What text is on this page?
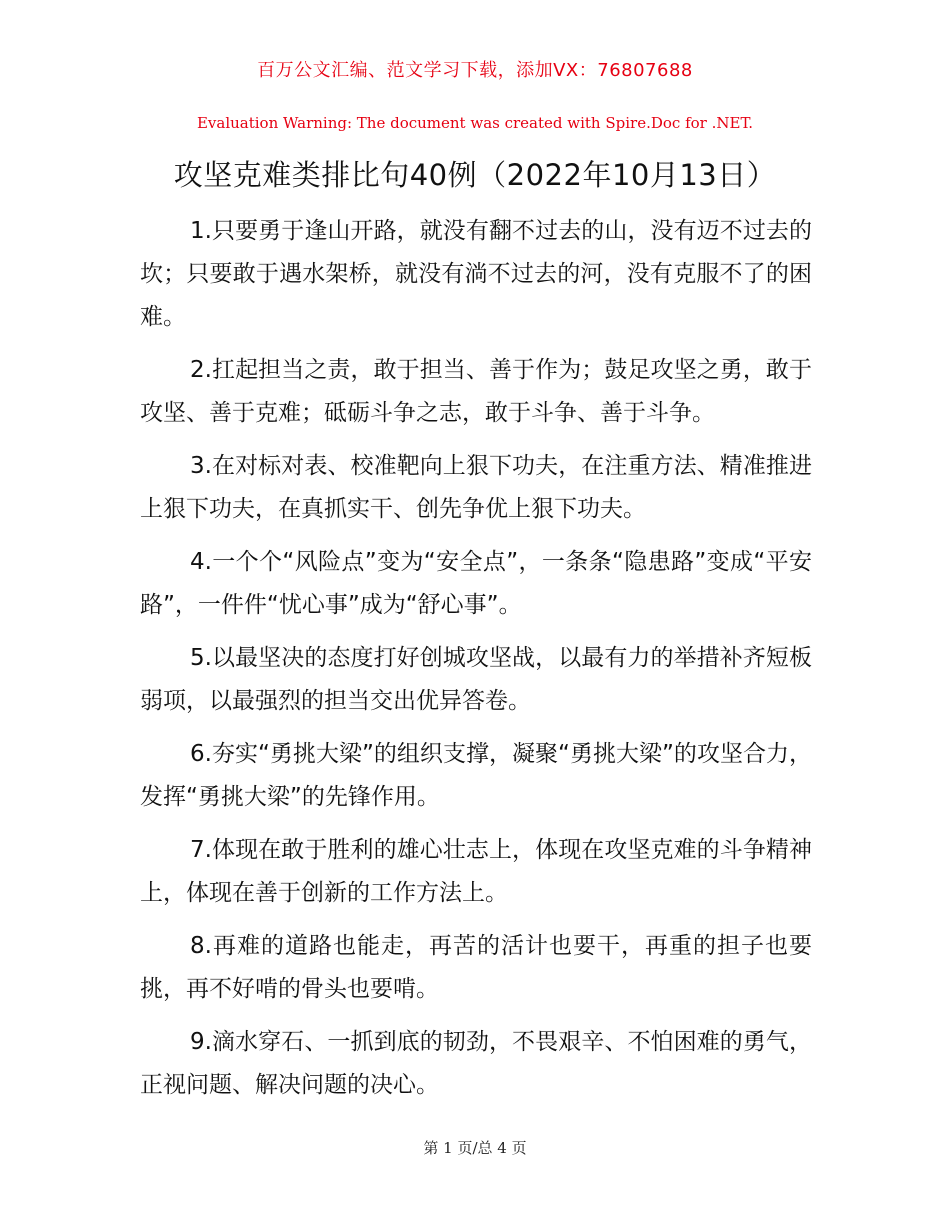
百万公文汇编、范文学习下载，添加VX：76807688
Evaluation Warning: The document was created with Spire.Doc for .NET.
攻坚克难类排比句40例（2022年10月13日）

1.只要勇于逢山开路，就没有翻不过去的山，没有迈不过去的坎；只要敢于遇水架桥，就没有淌不过去的河，没有克服不了的困难。

2.扛起担当之责，敢于担当、善于作为；鼓足攻坚之勇，敢于攻坚、善于克难；砥砺斗争之志，敢于斗争、善于斗争。

3.在对标对表、校准靶向上狠下功夫，在注重方法、精准推进上狠下功夫，在真抓实干、创先争优上狠下功夫。

4.一个个“风险点”变为“安全点”，一条条“隐患路”变成“平安路”，一件件“忧心事”成为“舒心事”。

5.以最坚决的态度打好创城攻坚战，以最有力的举措补齐短板弱项，以最强烈的担当交出优异答卷。

6.夯实“勇挑大梁”的组织支撑，凝聚“勇挑大梁”的攻坚合力，发挥“勇挑大梁”的先锋作用。

7.体现在敢于胜利的雄心壮志上，体现在攻坚克难的斗争精神上，体现在善于创新的工作方法上。

8.再难的道路也能走，再苦的活计也要干，再重的担子也要挑，再不好啃的骨头也要啃。

9.滴水穿石、一抓到底的韧劲，不畏艰辛、不怕困难的勇气，正视问题、解决问题的决心。

第 1 页/总 4 页
